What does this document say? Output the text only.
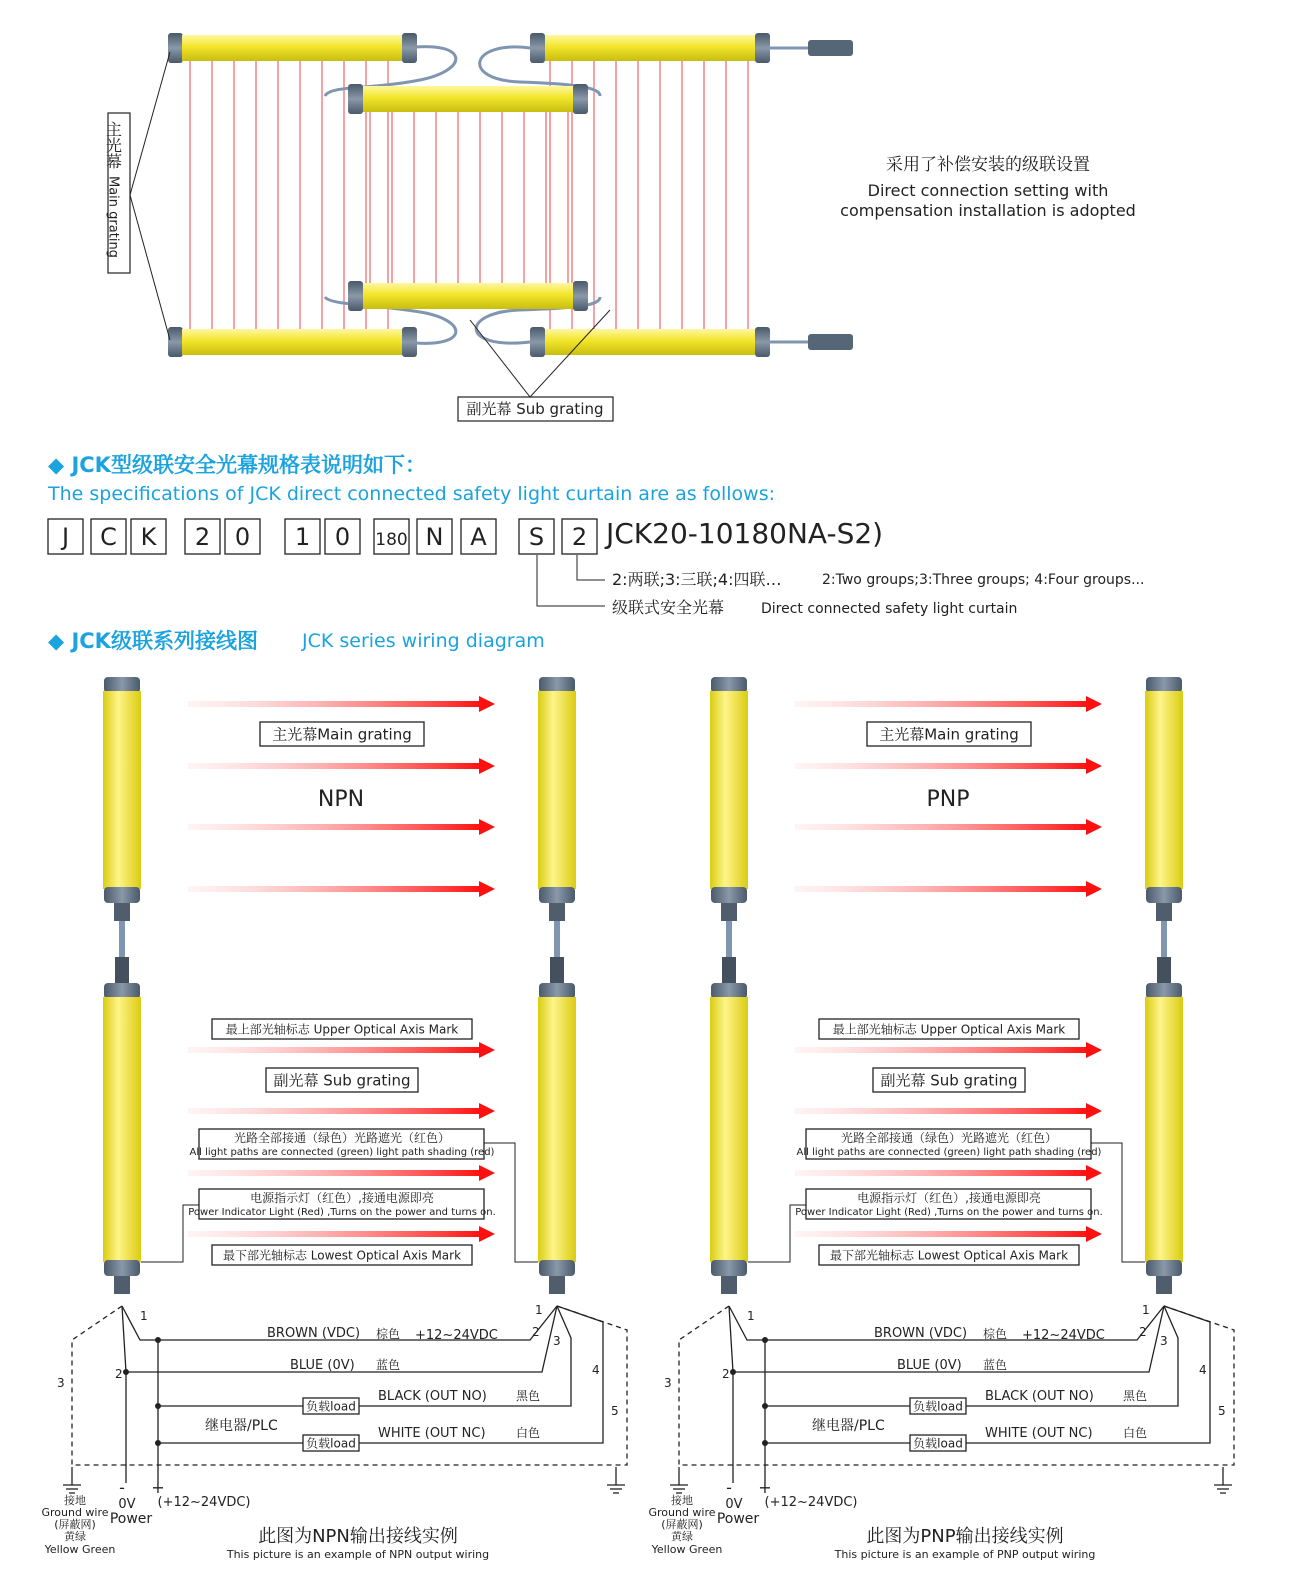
主光幕
Main grating
采用了补偿安装的级联设置
Direct connection setting with
compensation installation is adopted
副光幕 Sub grating
◆ JCK型级联安全光幕规格表说明如下：
The specifications of JCK direct connected safety light curtain are as follows:
J C K 2 0 1 0 180 N A S 2 JCK20-10180NA-S2)
2:两联;3:三联;4:四联…	2:Two groups;3:Three groups; 4:Four groups...
级联式安全光幕	Direct connected safety light curtain
◆ JCK级联系列接线图 JCK series wiring diagram
主光幕Main grating
NPN
最上部光轴标志 Upper Optical Axis Mark
副光幕 Sub grating
光路全部接通（绿色）光路遮光（红色）
All light paths are connected (green) light path shading (red)
电源指示灯（红色）,接通电源即亮
Power Indicator Light (Red) ,Turns on the power and turns on.
最下部光轴标志 Lowest Optical Axis Mark
负载load
负载load
BROWN (VDC) 棕色 +12~24VDC
BLUE (0V) 蓝色
BLACK (OUT NO) 黑色
WHITE (OUT NC)	白色
继电器/PLC
1
2
3
1
2
3
4
5
接地
Ground wire
(屏蔽网)
黄绿
Yellow Green
- +
0V
Power
(+12~24VDC)
此图为NPN输出接线实例
This picture is an example of NPN output wiring
主光幕Main grating
PNP
最上部光轴标志 Upper Optical Axis Mark
副光幕 Sub grating
光路全部接通（绿色）光路遮光（红色）
All light paths are connected (green) light path shading (red)
电源指示灯（红色）,接通电源即亮
Power Indicator Light (Red) ,Turns on the power and turns on.
最下部光轴标志 Lowest Optical Axis Mark
负载load
负载load
BROWN (VDC) 棕色 +12~24VDC
BLUE (0V) 蓝色
BLACK (OUT NO) 黑色
WHITE (OUT NC)	白色
继电器/PLC
1
2
3
1
2
3
4
5
接地
Ground wire
(屏蔽网)
黄绿
Yellow Green
- +
0V
Power
(+12~24VDC)
此图为PNP输出接线实例
This picture is an example of PNP output wiring
